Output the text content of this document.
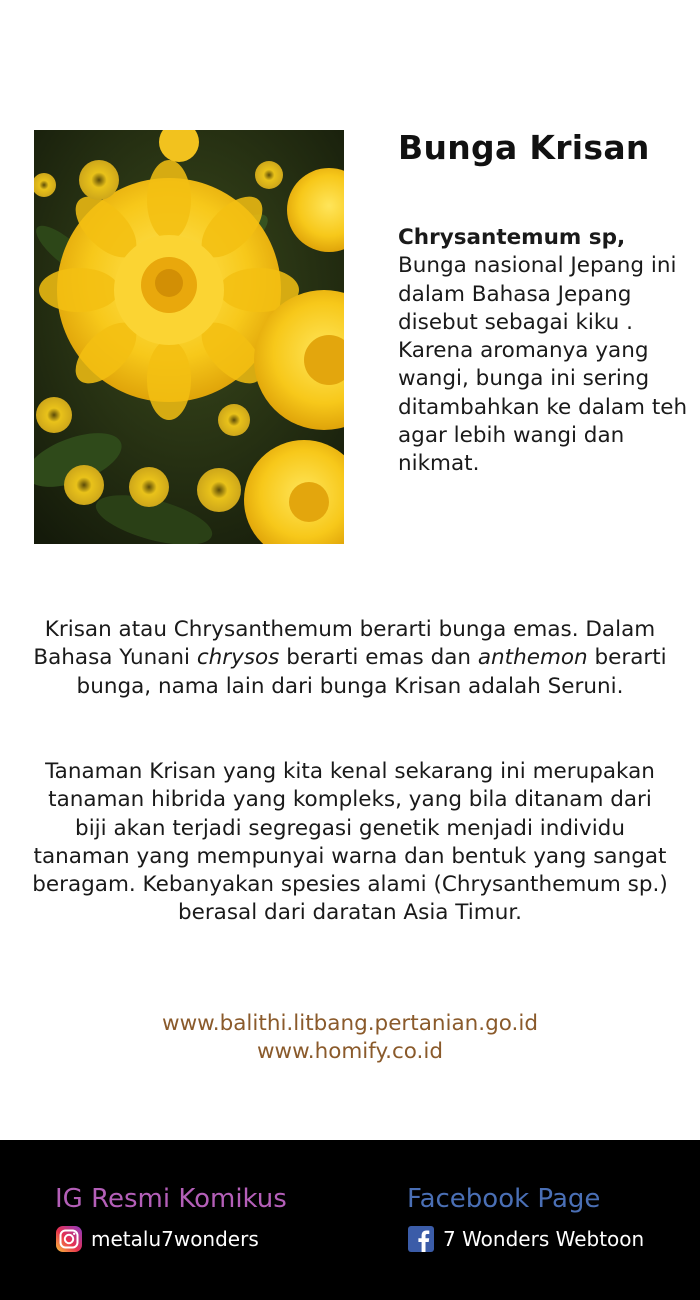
Bunga Krisan
Chrysantemum sp,
Bunga nasional Jepang ini dalam Bahasa Jepang disebut sebagai kiku . Karena aromanya yang wangi, bunga ini sering ditambahkan ke dalam teh agar lebih wangi dan nikmat.

Krisan atau Chrysanthemum berarti bunga emas. Dalam Bahasa Yunani chrysos berarti emas dan anthemon berarti bunga, nama lain dari bunga Krisan adalah Seruni.

Tanaman Krisan yang kita kenal sekarang ini merupakan tanaman hibrida yang kompleks, yang bila ditanam dari biji akan terjadi segregasi genetik menjadi individu tanaman yang mempunyai warna dan bentuk yang sangat beragam. Kebanyakan spesies alami (Chrysanthemum sp.) berasal dari daratan Asia Timur.

www.balithi.litbang.pertanian.go.id
www.homify.co.id
IG Resmi Komikus
metalu7wonders
Facebook Page
7 Wonders Webtoon
